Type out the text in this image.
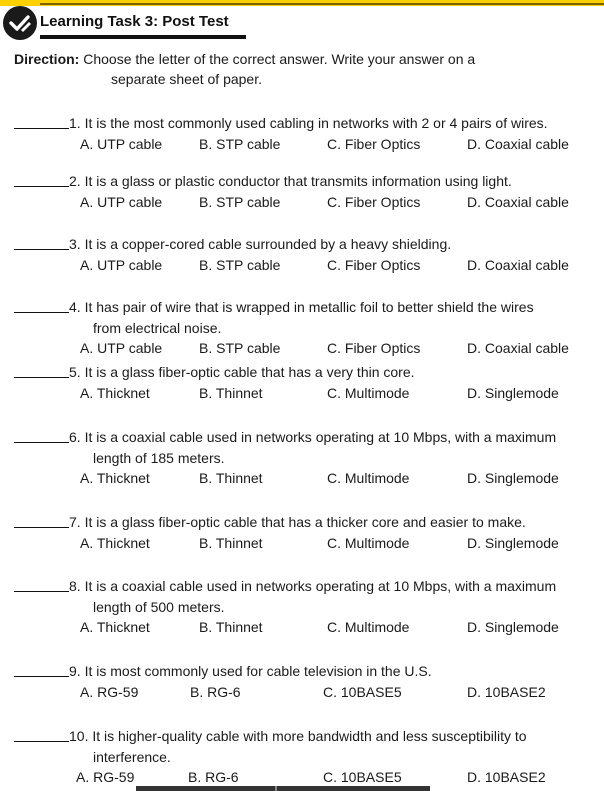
Learning Task 3: Post Test
Direction: Choose the letter of the correct answer. Write your answer on a
separate sheet of paper.
1. It is the most commonly used cabling in networks with 2 or 4 pairs of wires.
A. UTP cable	B. STP cable	C. Fiber Optics	D. Coaxial cable
2. It is a glass or plastic conductor that transmits information using light.
A. UTP cable	B. STP cable	C. Fiber Optics	D. Coaxial cable
3. It is a copper-cored cable surrounded by a heavy shielding.
A. UTP cable	B. STP cable	C. Fiber Optics	D. Coaxial cable
4. It has pair of wire that is wrapped in metallic foil to better shield the wires
from electrical noise.
A. UTP cable	B. STP cable	C. Fiber Optics	D. Coaxial cable
5. It is a glass fiber-optic cable that has a very thin core.
A. Thicknet	B. Thinnet	C. Multimode	D. Singlemode
6. It is a coaxial cable used in networks operating at 10 Mbps, with a maximum
length of 185 meters.
A. Thicknet	B. Thinnet	C. Multimode	D. Singlemode
7. It is a glass fiber-optic cable that has a thicker core and easier to make.
A. Thicknet	B. Thinnet	C. Multimode	D. Singlemode
8. It is a coaxial cable used in networks operating at 10 Mbps, with a maximum
length of 500 meters.
A. Thicknet	B. Thinnet	C. Multimode	D. Singlemode
9. It is most commonly used for cable television in the U.S.
A. RG-59	B. RG-6	C. 10BASE5	D. 10BASE2
10. It is higher-quality cable with more bandwidth and less susceptibility to
interference.
A. RG-59	B. RG-6	C. 10BASE5	D. 10BASE2
